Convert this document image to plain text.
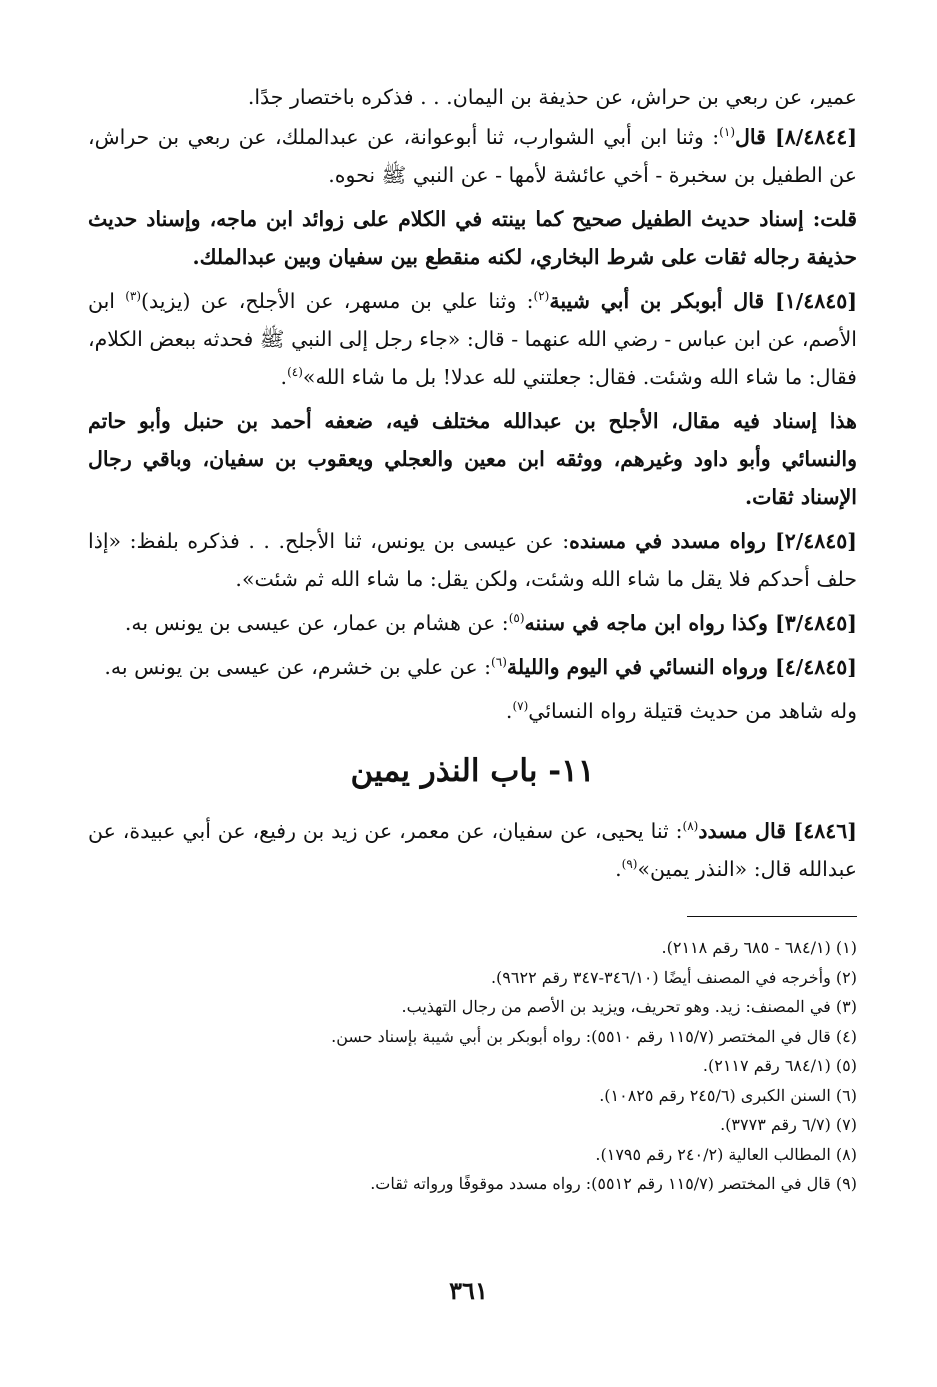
عمير، عن ربعي بن حراش، عن حذيفة بن اليمان. . . فذكره باختصار جدًا.

[٨/٤٨٤٤] قال$^{(١)}$: وثنا ابن أبي الشوارب، ثنا أبوعوانة، عن عبدالملك، عن ربعي بن حراش، عن الطفيل بن سخبرة - أخي عائشة لأمها - عن النبي ﷺ نحوه.

قلت: إسناد حديث الطفيل صحيح كما بينته في الكلام على زوائد ابن ماجه، وإسناد حديث حذيفة رجاله ثقات على شرط البخاري، لكنه منقطع بين سفيان وبين عبدالملك.

[١/٤٨٤٥] قال أبوبكر بن أبي شيبة$^{(٢)}$: وثنا علي بن مسهر، عن الأجلح، عن (يزيد)$^{(٣)}$ ابن الأصم، عن ابن عباس - رضي الله عنهما - قال: «جاء رجل إلى النبي ﷺ فحدثه ببعض الكلام، فقال: ما شاء الله وشئت. فقال: جعلتني لله عدلا! بل ما شاء الله»$^{(٤)}$.

هذا إسناد فيه مقال، الأجلح بن عبدالله مختلف فيه، ضعفه أحمد بن حنبل وأبو حاتم والنسائي وأبو داود وغيرهم، ووثقه ابن معين والعجلي ويعقوب بن سفيان، وباقي رجال الإسناد ثقات.

[٢/٤٨٤٥] رواه مسدد في مسنده: عن عيسى بن يونس، ثنا الأجلح. . . فذكره بلفظ: «إذا حلف أحدكم فلا يقل ما شاء الله وشئت، ولكن يقل: ما شاء الله ثم شئت».

[٣/٤٨٤٥] وكذا رواه ابن ماجه في سننه$^{(٥)}$: عن هشام بن عمار، عن عيسى بن يونس به.

[٤/٤٨٤٥] ورواه النسائي في اليوم والليلة$^{(٦)}$: عن علي بن خشرم، عن عيسى بن يونس به.

وله شاهد من حديث قتيلة رواه النسائي$^{(٧)}$.

١١- باب النذر يمين

[٤٨٤٦] قال مسدد$^{(٨)}$: ثنا يحيى، عن سفيان، عن معمر، عن زيد بن رفيع، عن أبي عبيدة، عن عبدالله قال: «النذر يمين»$^{(٩)}$.

(١) (٦٨٤/١ - ٦٨٥ رقم ٢١١٨).

(٢) وأخرجه في المصنف أيضًا (٣٤٦/١٠-٣٤٧ رقم ٩٦٢٢).

(٣) في المصنف: زيد. وهو تحريف، ويزيد بن الأصم من رجال التهذيب.

(٤) قال في المختصر (١١٥/٧ رقم ٥٥١٠): رواه أبوبكر بن أبي شيبة بإسناد حسن.

(٥) (٦٨٤/١ رقم ٢١١٧).

(٦) السنن الكبرى (٢٤٥/٦ رقم ١٠٨٢٥).

(٧) (٦/٧ رقم ٣٧٧٣).

(٨) المطالب العالية (٢٤٠/٢ رقم ١٧٩٥).

(٩) قال في المختصر (١١٥/٧ رقم ٥٥١٢): رواه مسدد موقوفًا ورواته ثقات.

٣٦١
